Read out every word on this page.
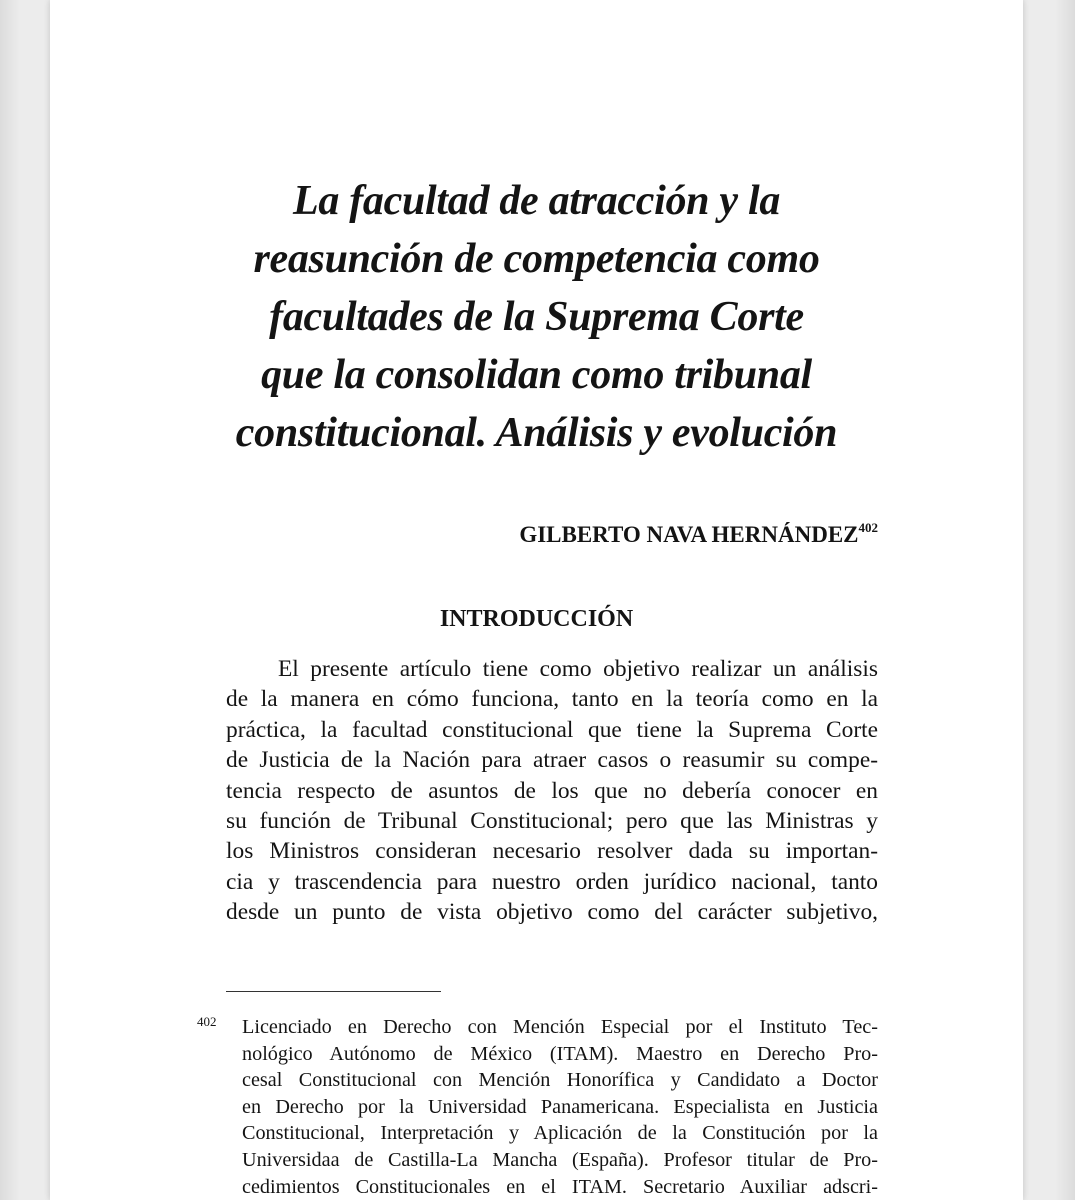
La facultad de atracción y la
reasunción de competencia como
facultades de la Suprema Corte
que la consolidan como tribunal
constitucional. Análisis y evolución
GILBERTO NAVA HERNÁNDEZ$^{402}$
INTRODUCCIÓN
El presente artículo tiene como objetivo realizar un análisis
de la manera en cómo funciona, tanto en la teoría como en la
práctica, la facultad constitucional que tiene la Suprema Corte
de Justicia de la Nación para atraer casos o reasumir su compe-
tencia respecto de asuntos de los que no debería conocer en
su función de Tribunal Constitucional; pero que las Ministras y
los Ministros consideran necesario resolver dada su importan-
cia y trascendencia para nuestro orden jurídico nacional, tanto
desde un punto de vista objetivo como del carácter subjetivo,
402 Licenciado en Derecho con Mención Especial por el Instituto Tec-
nológico Autónomo de México (ITAM). Maestro en Derecho Pro-
cesal Constitucional con Mención Honorífica y Candidato a Doctor
en Derecho por la Universidad Panamericana. Especialista en Justicia
Constitucional, Interpretación y Aplicación de la Constitución por la
Universidaa de Castilla-La Mancha (España). Profesor titular de Pro-
cedimientos Constitucionales en el ITAM. Secretario Auxiliar adscri-
